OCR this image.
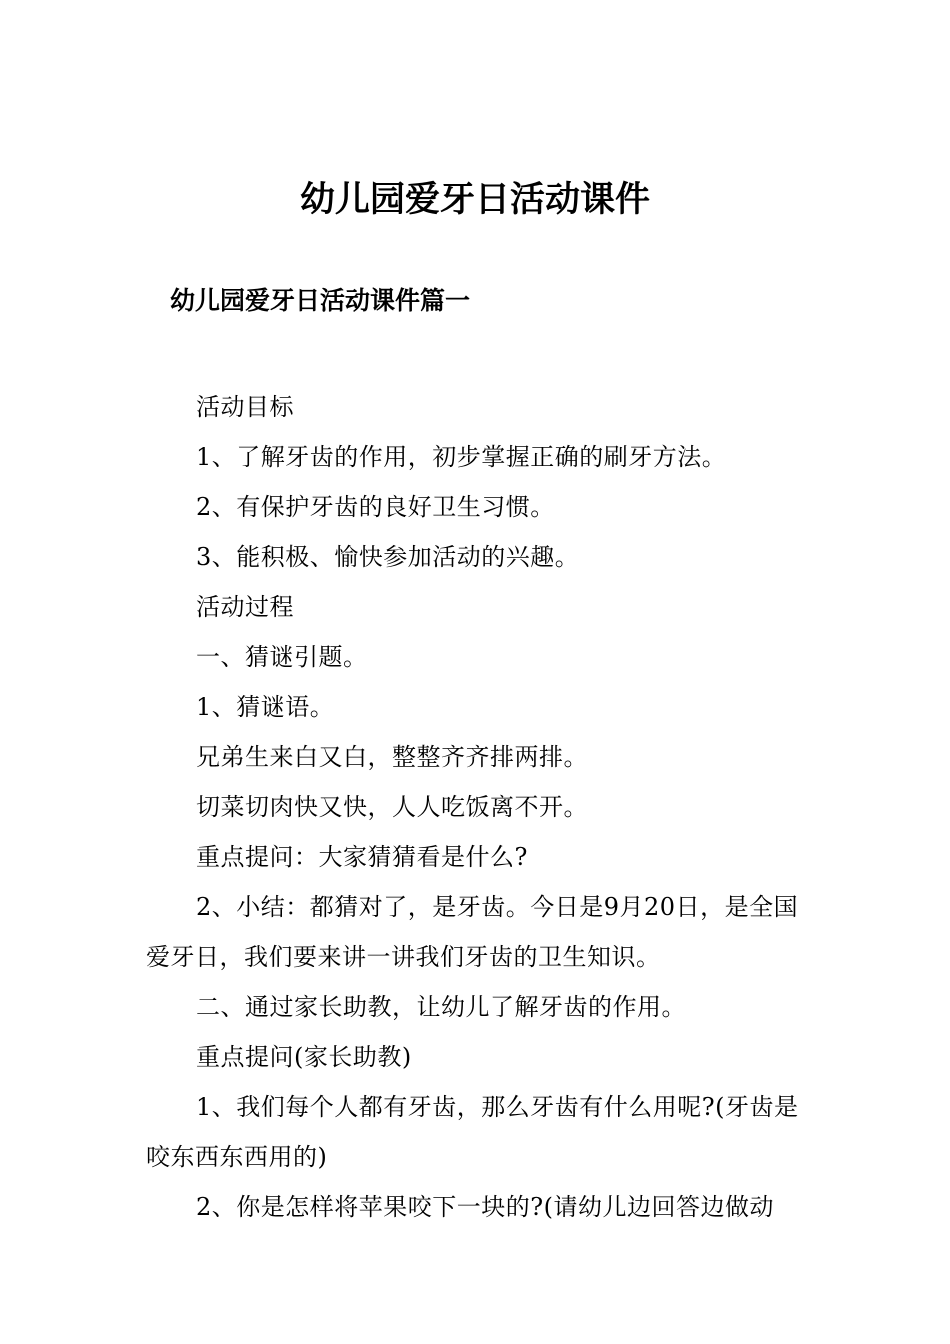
幼儿园爱牙日活动课件
幼儿园爱牙日活动课件篇一

活动目标

1、了解牙齿的作用，初步掌握正确的刷牙方法。

2、有保护牙齿的良好卫生习惯。

3、能积极、愉快参加活动的兴趣。

活动过程

一、猜谜引题。

1、猜谜语。

兄弟生来白又白，整整齐齐排两排。

切菜切肉快又快，人人吃饭离不开。

重点提问：大家猜猜看是什么?

2、小结：都猜对了，是牙齿。今日是9月20日，是全国爱牙日，我们要来讲一讲我们牙齿的卫生知识。

二、通过家长助教，让幼儿了解牙齿的作用。

重点提问(家长助教)

1、我们每个人都有牙齿，那么牙齿有什么用呢?(牙齿是咬东西东西用的)

2、你是怎样将苹果咬下一块的?(请幼儿边回答边做动
